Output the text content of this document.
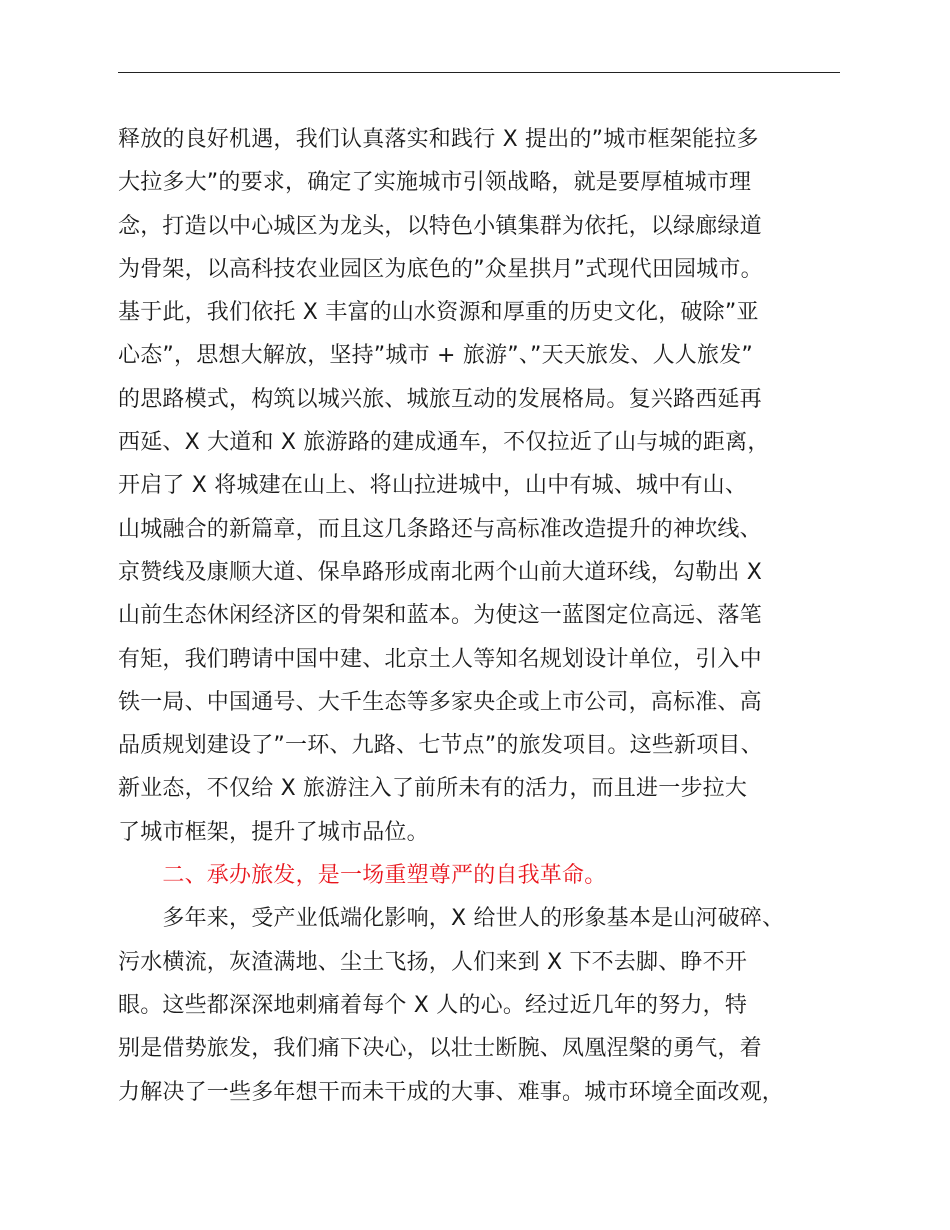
释放的良好机遇，我们认真落实和践行 X 提出的”城市框架能拉多
大拉多大”的要求，确定了实施城市引领战略，就是要厚植城市理
念，打造以中心城区为龙头，以特色小镇集群为依托，以绿廊绿道
为骨架，以高科技农业园区为底色的”众星拱月”式现代田园城市。
基于此，我们依托 X 丰富的山水资源和厚重的历史文化，破除”亚
心态”，思想大解放，坚持”城市 + 旅游”、”天天旅发、人人旅发”
的思路模式，构筑以城兴旅、城旅互动的发展格局。复兴路西延再
西延、X 大道和 X 旅游路的建成通车，不仅拉近了山与城的距离，
开启了 X 将城建在山上、将山拉进城中，山中有城、城中有山、
山城融合的新篇章，而且这几条路还与高标准改造提升的神坎线、
京赞线及康顺大道、保阜路形成南北两个山前大道环线，勾勒出 X
山前生态休闲经济区的骨架和蓝本。为使这一蓝图定位高远、落笔
有矩，我们聘请中国中建、北京土人等知名规划设计单位，引入中
铁一局、中国通号、大千生态等多家央企或上市公司，高标准、高
品质规划建设了”一环、九路、七节点”的旅发项目。这些新项目、
新业态，不仅给 X 旅游注入了前所未有的活力，而且进一步拉大
了城市框架，提升了城市品位。
　　二、承办旅发，是一场重塑尊严的自我革命。
　　多年来，受产业低端化影响，X 给世人的形象基本是山河破碎、
污水横流，灰渣满地、尘土飞扬，人们来到 X 下不去脚、睁不开
眼。这些都深深地刺痛着每个 X 人的心。经过近几年的努力，特
别是借势旅发，我们痛下决心，以壮士断腕、凤凰涅槃的勇气，着
力解决了一些多年想干而未干成的大事、难事。城市环境全面改观，
